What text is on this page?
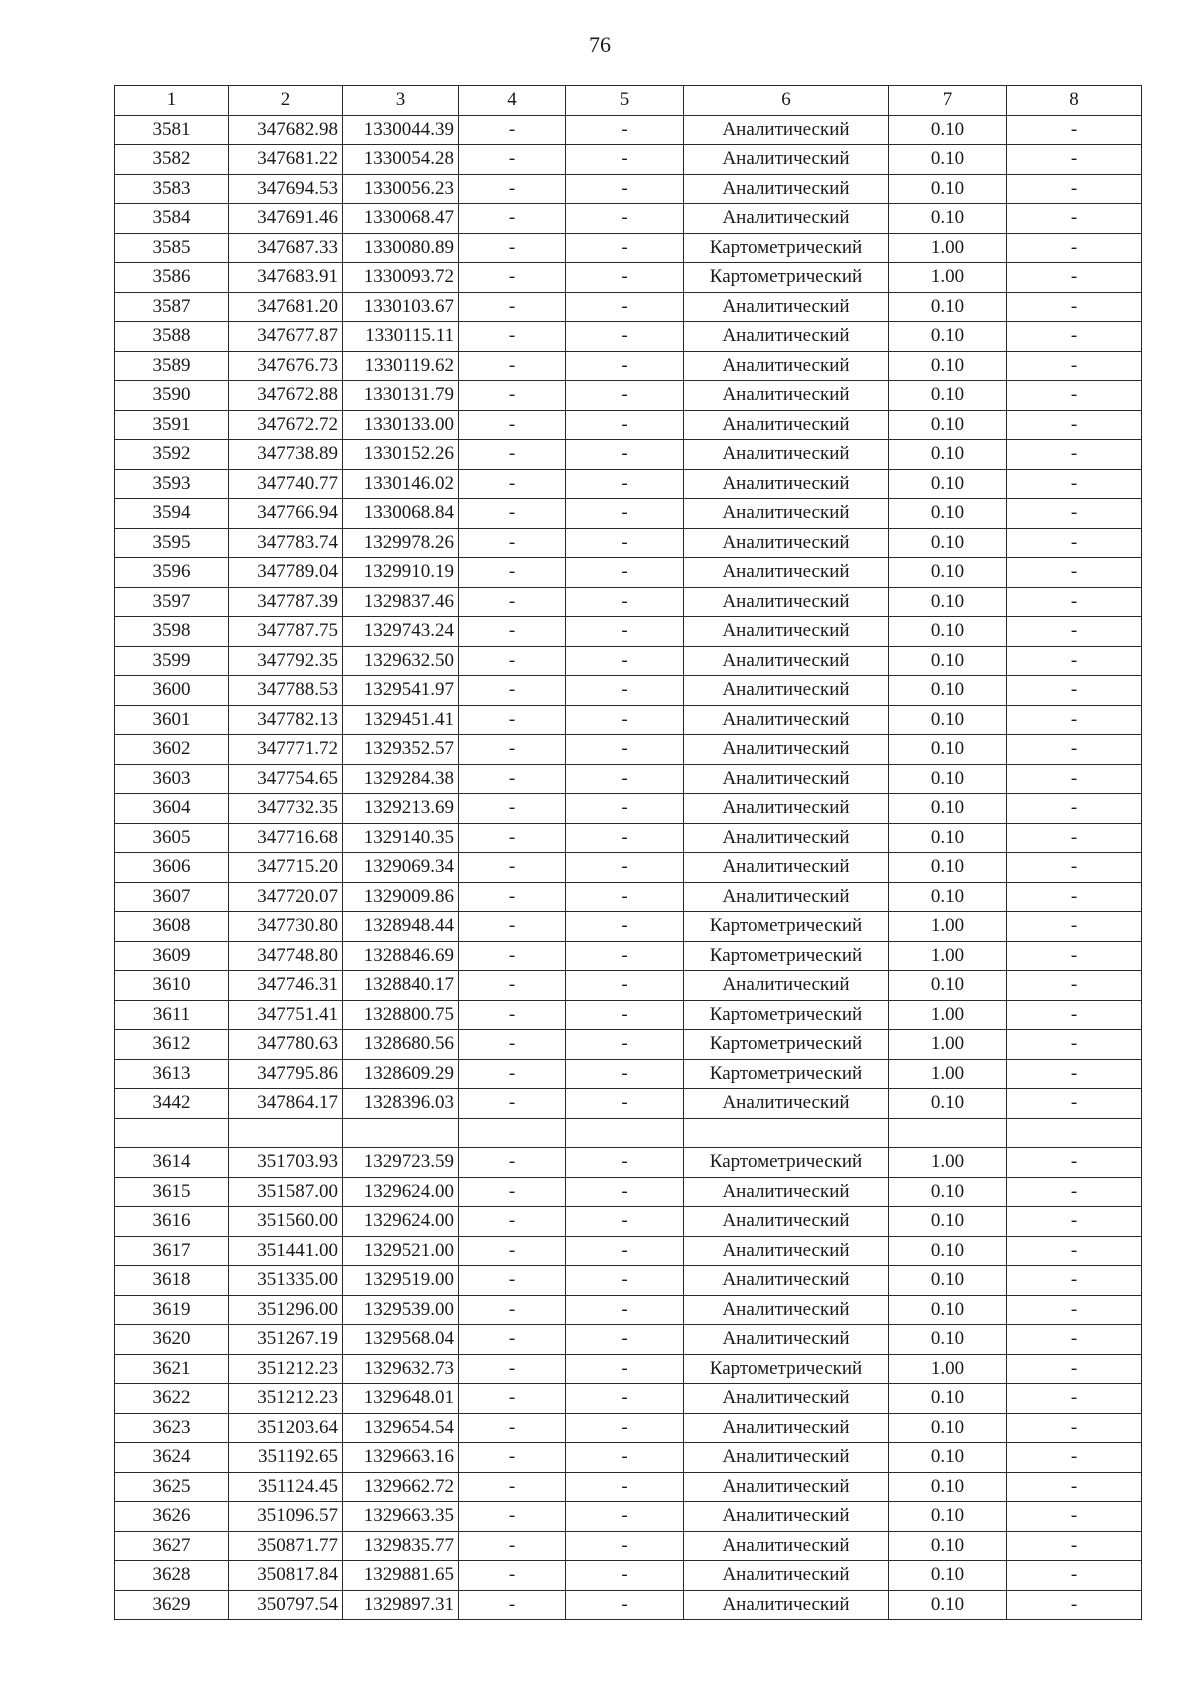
76
1	2	3	4	5	6	7	8
3581	347682.98	1330044.39	-	-	Аналитический	0.10	-
3582	347681.22	1330054.28	-	-	Аналитический	0.10	-
3583	347694.53	1330056.23	-	-	Аналитический	0.10	-
3584	347691.46	1330068.47	-	-	Аналитический	0.10	-
3585	347687.33	1330080.89	-	-	Картометрический	1.00	-
3586	347683.91	1330093.72	-	-	Картометрический	1.00	-
3587	347681.20	1330103.67	-	-	Аналитический	0.10	-
3588	347677.87	1330115.11	-	-	Аналитический	0.10	-
3589	347676.73	1330119.62	-	-	Аналитический	0.10	-
3590	347672.88	1330131.79	-	-	Аналитический	0.10	-
3591	347672.72	1330133.00	-	-	Аналитический	0.10	-
3592	347738.89	1330152.26	-	-	Аналитический	0.10	-
3593	347740.77	1330146.02	-	-	Аналитический	0.10	-
3594	347766.94	1330068.84	-	-	Аналитический	0.10	-
3595	347783.74	1329978.26	-	-	Аналитический	0.10	-
3596	347789.04	1329910.19	-	-	Аналитический	0.10	-
3597	347787.39	1329837.46	-	-	Аналитический	0.10	-
3598	347787.75	1329743.24	-	-	Аналитический	0.10	-
3599	347792.35	1329632.50	-	-	Аналитический	0.10	-
3600	347788.53	1329541.97	-	-	Аналитический	0.10	-
3601	347782.13	1329451.41	-	-	Аналитический	0.10	-
3602	347771.72	1329352.57	-	-	Аналитический	0.10	-
3603	347754.65	1329284.38	-	-	Аналитический	0.10	-
3604	347732.35	1329213.69	-	-	Аналитический	0.10	-
3605	347716.68	1329140.35	-	-	Аналитический	0.10	-
3606	347715.20	1329069.34	-	-	Аналитический	0.10	-
3607	347720.07	1329009.86	-	-	Аналитический	0.10	-
3608	347730.80	1328948.44	-	-	Картометрический	1.00	-
3609	347748.80	1328846.69	-	-	Картометрический	1.00	-
3610	347746.31	1328840.17	-	-	Аналитический	0.10	-
3611	347751.41	1328800.75	-	-	Картометрический	1.00	-
3612	347780.63	1328680.56	-	-	Картометрический	1.00	-
3613	347795.86	1328609.29	-	-	Картометрический	1.00	-
3442	347864.17	1328396.03	-	-	Аналитический	0.10	-

3614	351703.93	1329723.59	-	-	Картометрический	1.00	-
3615	351587.00	1329624.00	-	-	Аналитический	0.10	-
3616	351560.00	1329624.00	-	-	Аналитический	0.10	-
3617	351441.00	1329521.00	-	-	Аналитический	0.10	-
3618	351335.00	1329519.00	-	-	Аналитический	0.10	-
3619	351296.00	1329539.00	-	-	Аналитический	0.10	-
3620	351267.19	1329568.04	-	-	Аналитический	0.10	-
3621	351212.23	1329632.73	-	-	Картометрический	1.00	-
3622	351212.23	1329648.01	-	-	Аналитический	0.10	-
3623	351203.64	1329654.54	-	-	Аналитический	0.10	-
3624	351192.65	1329663.16	-	-	Аналитический	0.10	-
3625	351124.45	1329662.72	-	-	Аналитический	0.10	-
3626	351096.57	1329663.35	-	-	Аналитический	0.10	-
3627	350871.77	1329835.77	-	-	Аналитический	0.10	-
3628	350817.84	1329881.65	-	-	Аналитический	0.10	-
3629	350797.54	1329897.31	-	-	Аналитический	0.10	-
